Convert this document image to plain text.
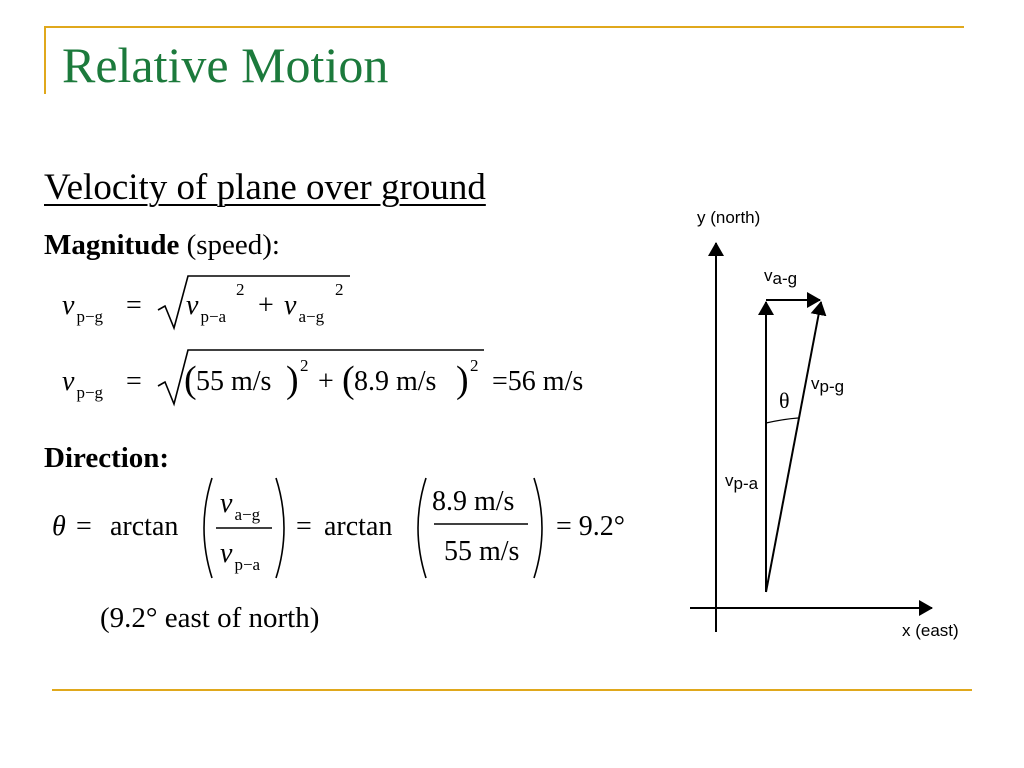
Relative Motion
Velocity of plane over ground
Magnitude (speed):
v $_{p-g}$ = v $_{p-a}$
2
+ v $_{a-g}$
2
v $_{p-g}$ = ( 55 m/s ) 2
+ ( 8.9 m/s ) 2
=56 m/s
Direction:
θ = arctan
v $_{a-g}$
v $_{p-a}$
= arctan
8.9 m/s
55 m/s
= 9.2°
(9.2° east of north)
y (north)
x (east)
θ
va-g
vp-g
vp-a
